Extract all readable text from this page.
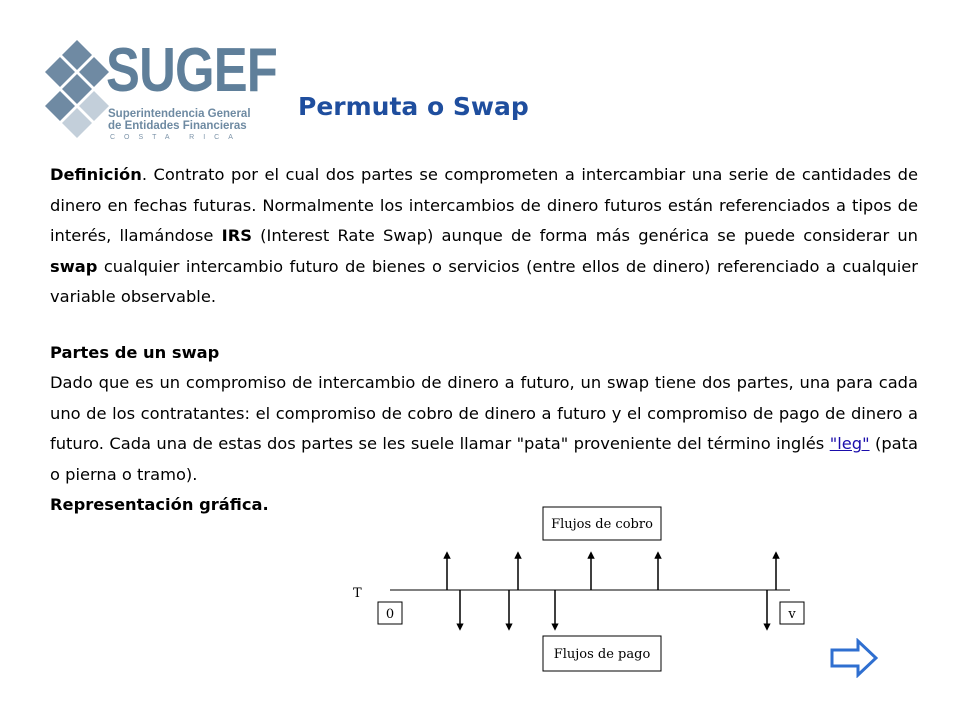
SUGEF
Superintendencia General
de Entidades Financieras
COSTA RICA
Permuta o Swap

Definición. Contrato por el cual dos partes se comprometen a intercambiar una serie de cantidades de dinero en fechas futuras. Normalmente los intercambios de dinero futuros están referenciados a tipos de interés, llamándose IRS (Interest Rate Swap) aunque de forma más genérica se puede considerar un swap cualquier intercambio futuro de bienes o servicios (entre ellos de dinero) referenciado a cualquier variable observable.

Partes de un swap

Dado que es un compromiso de intercambio de dinero a futuro, un swap tiene dos partes, una para cada uno de los contratantes: el compromiso de cobro de dinero a futuro y el compromiso de pago de dinero a futuro. Cada una de estas dos partes se les suele llamar "pata" proveniente del término inglés "leg" (pata o pierna o tramo).

Representación gráfica.

Flujos de cobro
T
0	v
Flujos de pago
